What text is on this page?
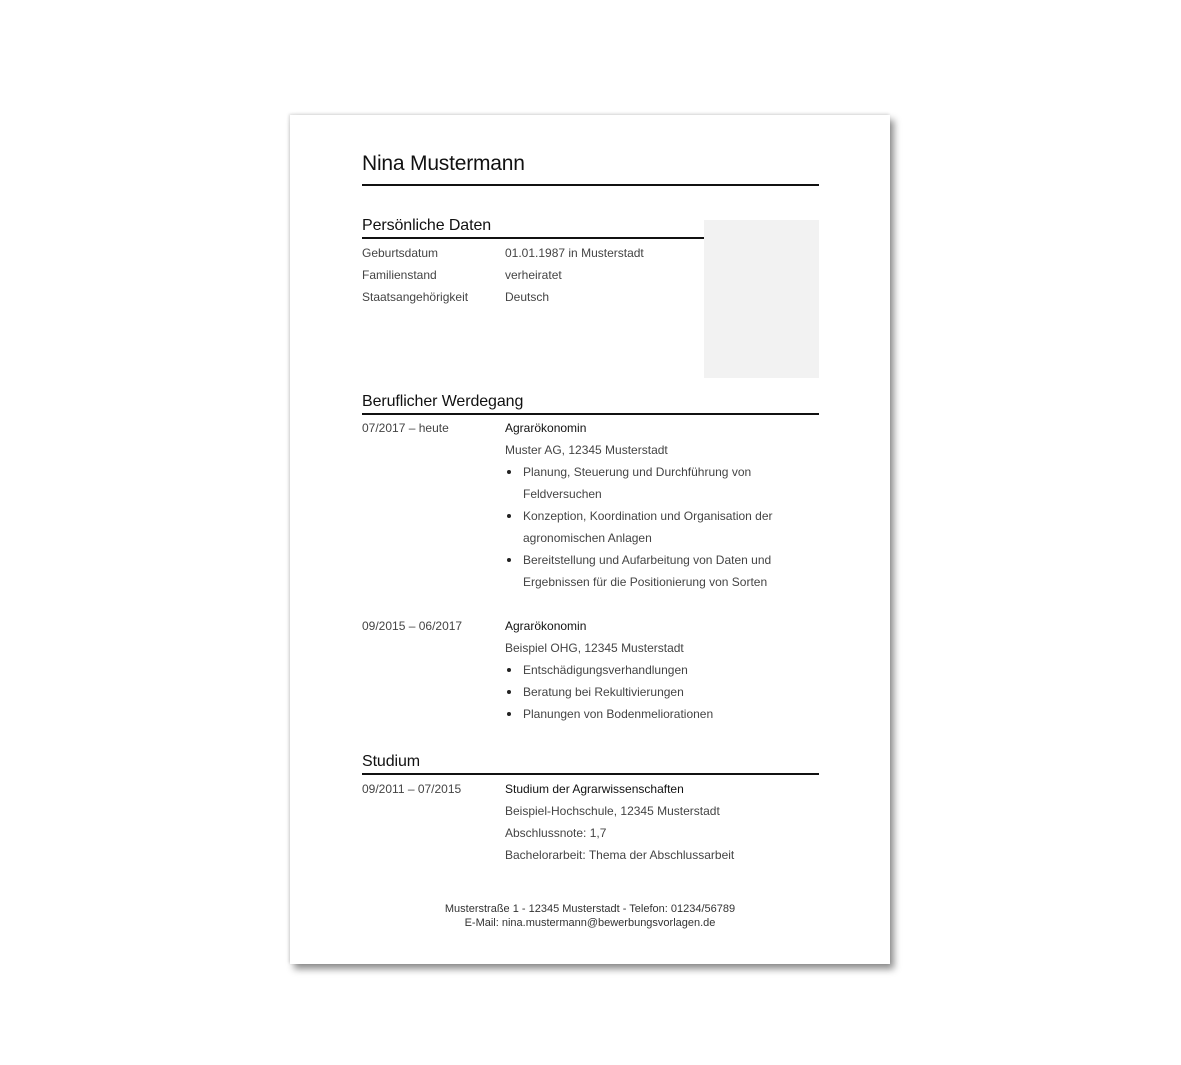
Nina Mustermann
Persönliche Daten
Geburtsdatum	01.01.1987 in Musterstadt
Familienstand	verheiratet
Staatsangehörigkeit	Deutsch
Beruflicher Werdegang
07/2017 – heute	Agrarökonomin
Muster AG, 12345 Musterstadt
Planung, Steuerung und Durchführung von
Feldversuchen
Konzeption, Koordination und Organisation der
agronomischen Anlagen
Bereitstellung und Aufarbeitung von Daten und
Ergebnissen für die Positionierung von Sorten
09/2015 – 06/2017	Agrarökonomin
Beispiel OHG, 12345 Musterstadt
Entschädigungsverhandlungen
Beratung bei Rekultivierungen
Planungen von Bodenmeliorationen
Studium
09/2011 – 07/2015	Studium der Agrarwissenschaften
Beispiel-Hochschule, 12345 Musterstadt
Abschlussnote: 1,7
Bachelorarbeit: Thema der Abschlussarbeit
Musterstraße 1 - 12345 Musterstadt - Telefon: 01234/56789
E-Mail: nina.mustermann@bewerbungsvorlagen.de
